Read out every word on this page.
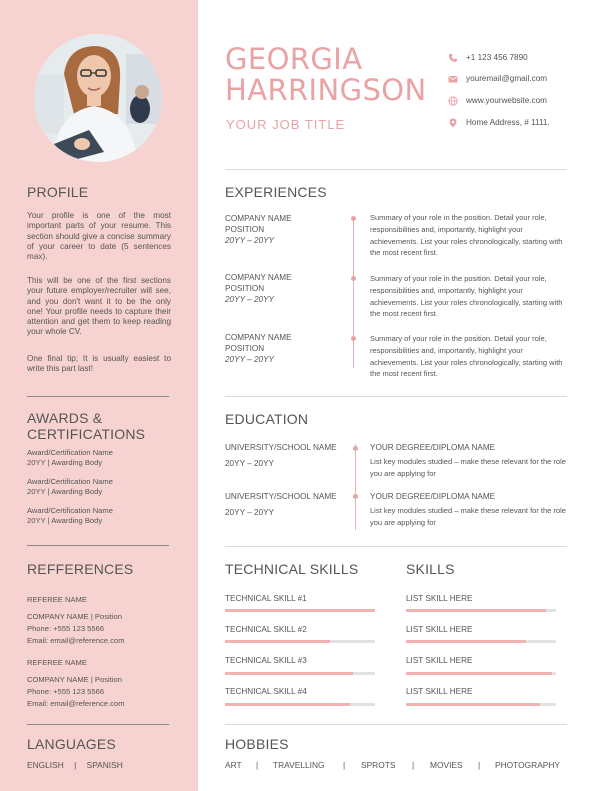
PROFILE
Your profile is one of the most important parts of your resume. This section should give a concise summary of your career to date (5 sentences max).
This will be one of the first sections your future employer/recruiter will see, and you don't want it to be the only one! Your profile needs to capture their attention and get them to keep reading your whole CV.
One final tip; It is usually easiest to write this part last!
AWARDS &
CERTIFICATIONS
Award/Certification Name
20YY | Awarding Body
Award/Certification Name
20YY | Awarding Body
Award/Certification Name
20YY | Awarding Body
REFFERENCES
REFEREE NAME
COMPANY NAME | Position
Phone: +555 123 5566
Email: email@reference.com
REFEREE NAME
COMPANY NAME | Position
Phone: +555 123 5566
Email: email@reference.com
LANGUAGES
ENGLISH | SPANISH
GEORGIA
HARRINGSON
YOUR JOB TITLE
+1 123 456 7890
youremail@gmail.com
www.yourwebsite.com
Home Address, # 1111.
EXPERIENCES
COMPANY NAME
POSITION
20YY – 20YY
Summary of your role in the position. Detail your role, responsibilities and, importantly, highlight your achievements. List your roles chronologically, starting with the most recent first.
COMPANY NAME
POSITION
20YY – 20YY
Summary of your role in the position. Detail your role, responsibilities and, importantly, highlight your achievements. List your roles chronologically, starting with the most recent first.
COMPANY NAME
POSITION
20YY – 20YY
Summary of your role in the position. Detail your role, responsibilities and, importantly, highlight your achievements. List your roles chronologically, starting with the most recent first.
EDUCATION
UNIVERSITY/SCHOOL NAME
20YY – 20YY
YOUR DEGREE/DIPLOMA NAME
List key modules studied – make these relevant for the role you are applying for
UNIVERSITY/SCHOOL NAME
20YY – 20YY
YOUR DEGREE/DIPLOMA NAME
List key modules studied – make these relevant for the role you are applying for
TECHNICAL SKILLS
TECHNICAL SKILL #1
TECHNICAL SKILL #2
TECHNICAL SKILL #3
TECHNICAL SKILL #4
SKILLS
LIST SKILL HERE
LIST SKILL HERE
LIST SKILL HERE
LIST SKILL HERE
HOBBIES
ART | TRAVELLING | SPROTS | MOVIES | PHOTOGRAPHY
